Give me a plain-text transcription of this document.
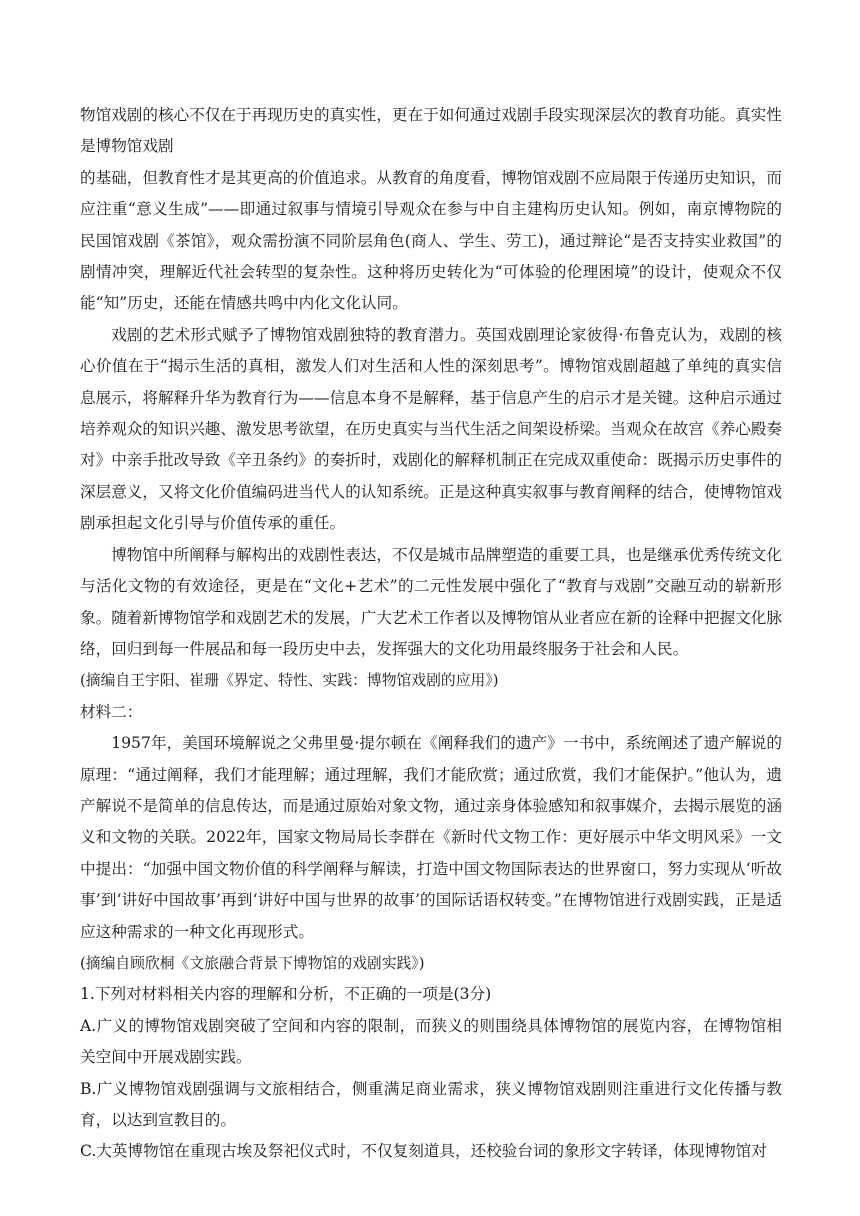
物馆戏剧的核心不仅在于再现历史的真实性，更在于如何通过戏剧手段实现深层次的教育功能。真实性是博物馆戏剧
的基础，但教育性才是其更高的价值追求。从教育的角度看，博物馆戏剧不应局限于传递历史知识，而应注重“意义生成”——即通过叙事与情境引导观众在参与中自主建构历史认知。例如，南京博物院的民国馆戏剧《茶馆》，观众需扮演不同阶层角色(商人、学生、劳工)，通过辩论“是否支持实业救国”的剧情冲突，理解近代社会转型的复杂性。这种将历史转化为“可体验的伦理困境”的设计，使观众不仅能“知”历史，还能在情感共鸣中内化文化认同。

戏剧的艺术形式赋予了博物馆戏剧独特的教育潜力。英国戏剧理论家彼得·布鲁克认为，戏剧的核心价值在于“揭示生活的真相，激发人们对生活和人性的深刻思考”。博物馆戏剧超越了单纯的真实信息展示，将解释升华为教育行为——信息本身不是解释，基于信息产生的启示才是关键。这种启示通过培养观众的知识兴趣、激发思考欲望，在历史真实与当代生活之间架设桥梁。当观众在故宫《养心殿奏对》中亲手批改导致《辛丑条约》的奏折时，戏剧化的解释机制正在完成双重使命：既揭示历史事件的深层意义，又将文化价值编码进当代人的认知系统。正是这种真实叙事与教育阐释的结合，使博物馆戏剧承担起文化引导与价值传承的重任。

博物馆中所阐释与解构出的戏剧性表达，不仅是城市品牌塑造的重要工具，也是继承优秀传统文化与活化文物的有效途径，更是在“文化+艺术”的二元性发展中强化了“教育与戏剧”交融互动的崭新形象。随着新博物馆学和戏剧艺术的发展，广大艺术工作者以及博物馆从业者应在新的诠释中把握文化脉络，回归到每一件展品和每一段历史中去，发挥强大的文化功用最终服务于社会和人民。

(摘编自王宇阳、崔珊《界定、特性、实践：博物馆戏剧的应用》)

材料二：

1957年，美国环境解说之父弗里曼·提尔顿在《阐释我们的遗产》一书中，系统阐述了遗产解说的原理：“通过阐释，我们才能理解；通过理解，我们才能欣赏；通过欣赏，我们才能保护。”他认为，遗产解说不是简单的信息传达，而是通过原始对象文物，通过亲身体验感知和叙事媒介，去揭示展览的涵义和文物的关联。2022年，国家文物局局长李群在《新时代文物工作：更好展示中华文明风采》一文中提出：“加强中国文物价值的科学阐释与解读，打造中国文物国际表达的世界窗口，努力实现从‘听故事’到‘讲好中国故事’再到‘讲好中国与世界的故事’的国际话语权转变。”在博物馆进行戏剧实践，正是适应这种需求的一种文化再现形式。

(摘编自顾欣桐《文旅融合背景下博物馆的戏剧实践》)

1.下列对材料相关内容的理解和分析，不正确的一项是(3分)

A.广义的博物馆戏剧突破了空间和内容的限制，而狭义的则围绕具体博物馆的展览内容，在博物馆相关空间中开展戏剧实践。

B.广义博物馆戏剧强调与文旅相结合，侧重满足商业需求，狭义博物馆戏剧则注重进行文化传播与教育，以达到宣教目的。

C.大英博物馆在重现古埃及祭祀仪式时，不仅复刻道具，还校验台词的象形文字转译，体现博物馆对
